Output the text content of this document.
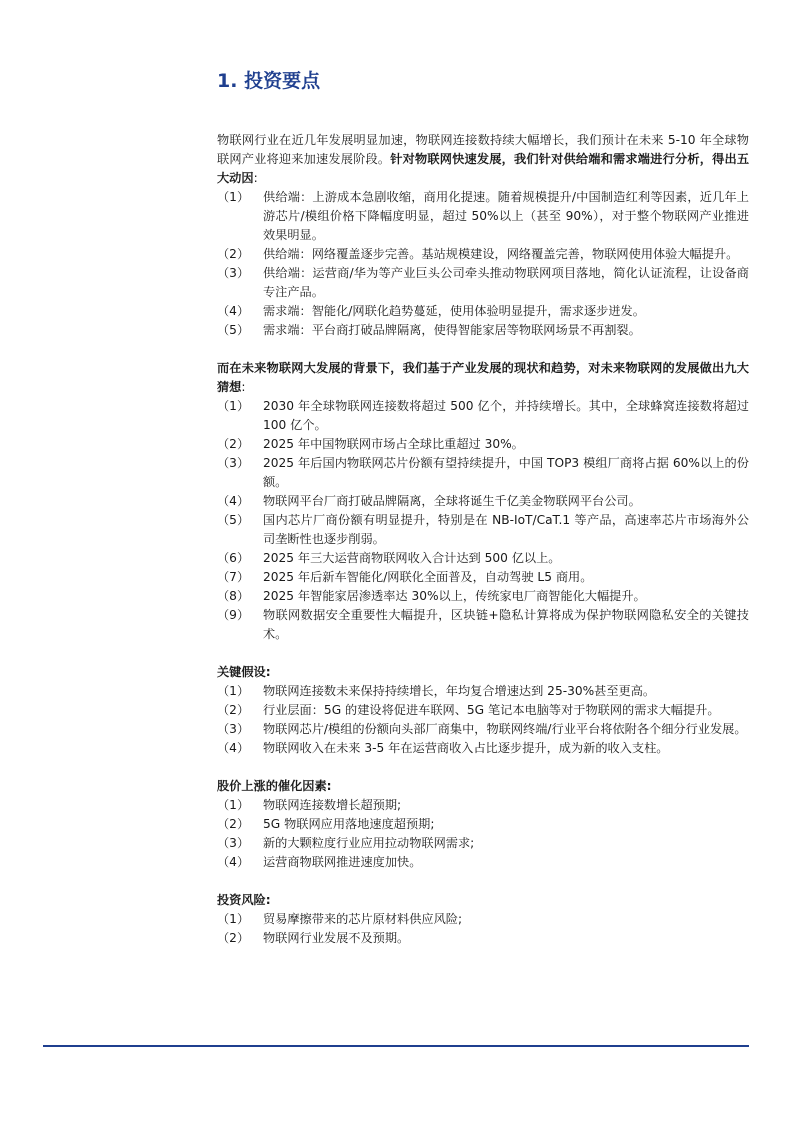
1. 投资要点

物联网行业在近几年发展明显加速，物联网连接数持续大幅增长，我们预计在未来 5-10 年全球物联网产业将迎来加速发展阶段。针对物联网快速发展，我们针对供给端和需求端进行分析，得出五大动因:

（1）	供给端：上游成本急剧收缩，商用化提速。随着规模提升/中国制造红利等因素，近几年上游芯片/模组价格下降幅度明显，超过 50%以上（甚至 90%），对于整个物联网产业推进效果明显。
（2）	供给端：网络覆盖逐步完善。基站规模建设，网络覆盖完善，物联网使用体验大幅提升。
（3）	供给端：运营商/华为等产业巨头公司牵头推动物联网项目落地，简化认证流程，让设备商专注产品。
（4）	需求端：智能化/网联化趋势蔓延，使用体验明显提升，需求逐步迸发。
（5）	需求端：平台商打破品牌隔离，使得智能家居等物联网场景不再割裂。

而在未来物联网大发展的背景下，我们基于产业发展的现状和趋势，对未来物联网的发展做出九大猜想:

（1）	2030 年全球物联网连接数将超过 500 亿个，并持续增长。其中，全球蜂窝连接数将超过 100 亿个。
（2）	2025 年中国物联网市场占全球比重超过 30%。
（3）	2025 年后国内物联网芯片份额有望持续提升，中国 TOP3 模组厂商将占据 60%以上的份额。
（4）	物联网平台厂商打破品牌隔离，全球将诞生千亿美金物联网平台公司。
（5）	国内芯片厂商份额有明显提升，特别是在 NB-IoT/CaT.1 等产品，高速率芯片市场海外公司垄断性也逐步削弱。
（6）	2025 年三大运营商物联网收入合计达到 500 亿以上。
（7）	2025 年后新车智能化/网联化全面普及，自动驾驶 L5 商用。
（8）	2025 年智能家居渗透率达 30%以上，传统家电厂商智能化大幅提升。
（9）	物联网数据安全重要性大幅提升，区块链+隐私计算将成为保护物联网隐私安全的关键技术。

关键假设:

（1）	物联网连接数未来保持持续增长，年均复合增速达到 25-30%甚至更高。
（2）	行业层面：5G 的建设将促进车联网、5G 笔记本电脑等对于物联网的需求大幅提升。
（3）	物联网芯片/模组的份额向头部厂商集中，物联网终端/行业平台将依附各个细分行业发展。
（4）	物联网收入在未来 3-5 年在运营商收入占比逐步提升，成为新的收入支柱。

股价上涨的催化因素:

（1）	物联网连接数增长超预期;
（2）	5G 物联网应用落地速度超预期;
（3）	新的大颗粒度行业应用拉动物联网需求;
（4）	运营商物联网推进速度加快。

投资风险:

（1）	贸易摩擦带来的芯片原材料供应风险;
（2）	物联网行业发展不及预期。
